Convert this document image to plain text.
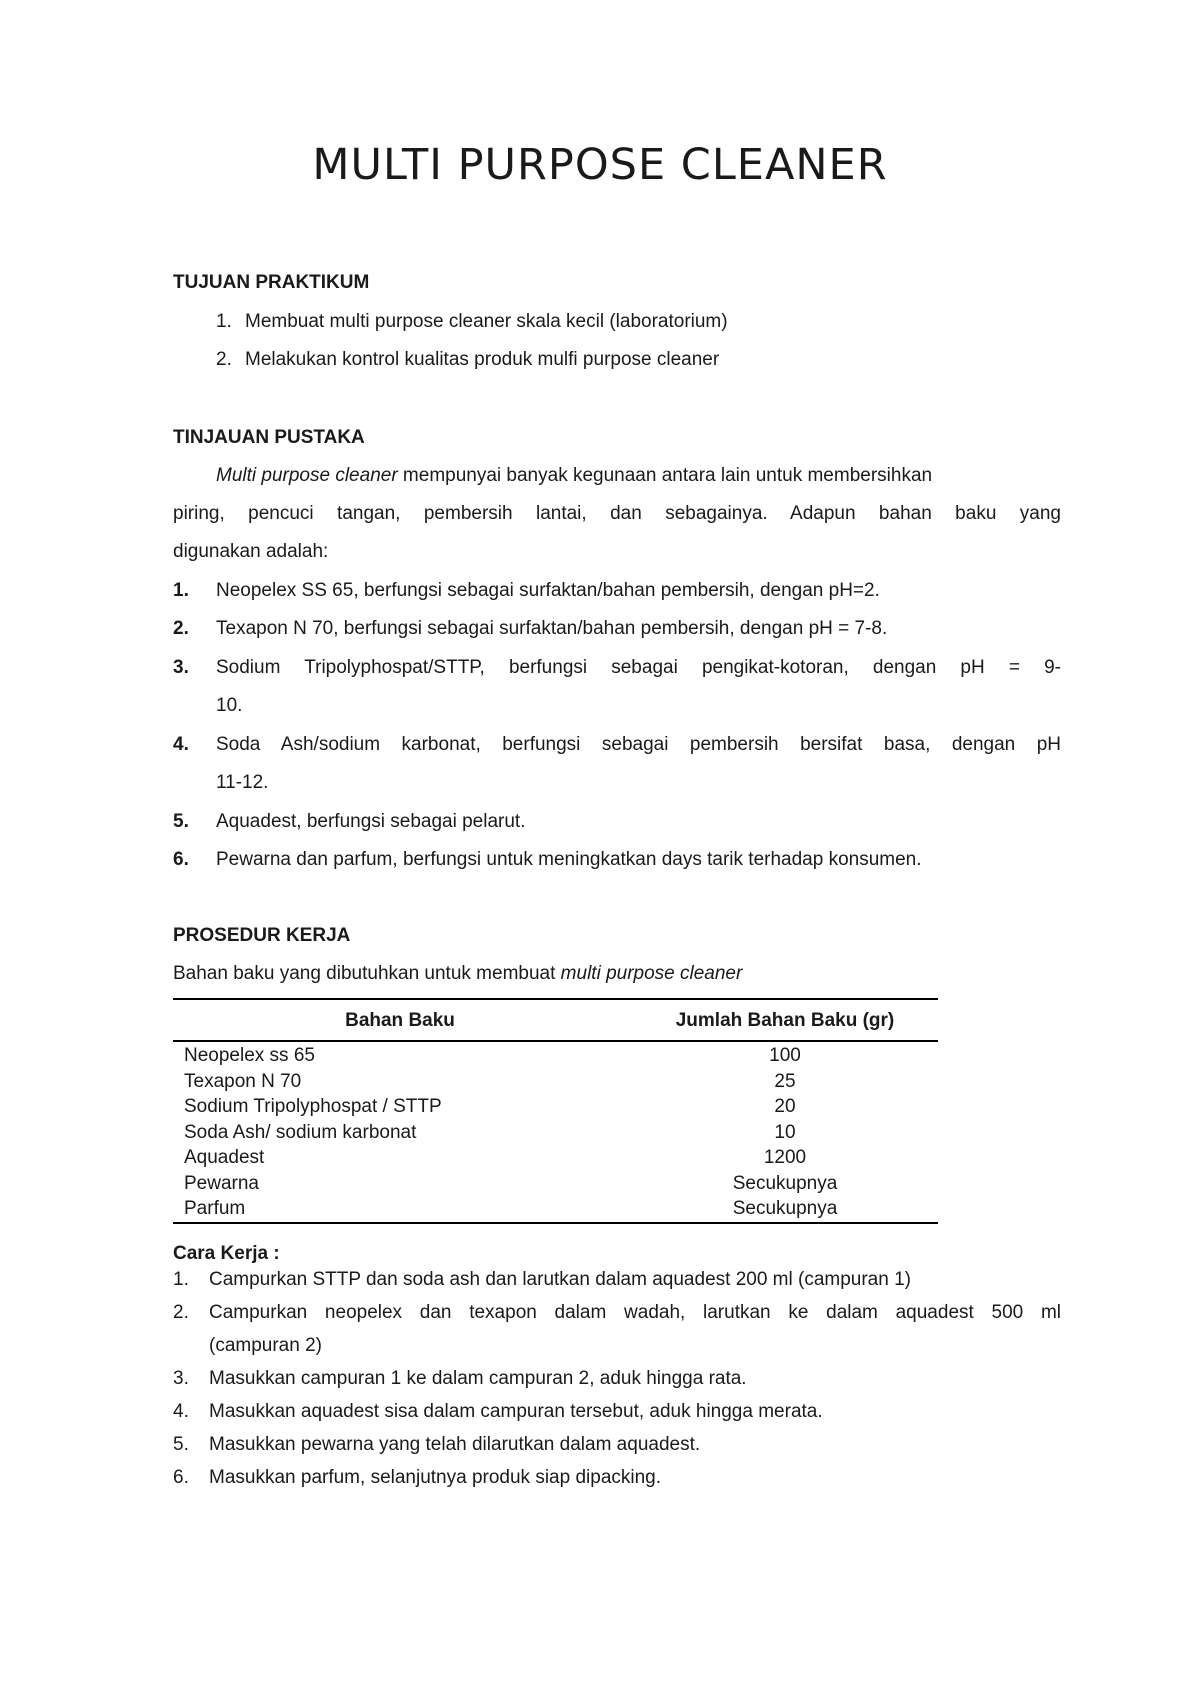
MULTI PURPOSE CLEANER
TUJUAN PRAKTIKUM
1. Membuat multi purpose cleaner skala kecil (laboratorium)
2. Melakukan kontrol kualitas produk mulfi purpose cleaner
TINJAUAN PUSTAKA
Multi purpose cleaner mempunyai banyak kegunaan antara lain untuk membersihkan
piring, pencuci tangan, pembersih lantai, dan sebagainya. Adapun bahan baku yang
digunakan adalah:
1. Neopelex SS 65, berfungsi sebagai surfaktan/bahan pembersih, dengan pH=2.
2. Texapon N 70, berfungsi sebagai surfaktan/bahan pembersih, dengan pH = 7-8.
3. Sodium Tripolyphospat/STTP, berfungsi sebagai pengikat-kotoran, dengan pH = 9-
10.
4. Soda Ash/sodium karbonat, berfungsi sebagai pembersih bersifat basa, dengan pH
11-12.
5. Aquadest, berfungsi sebagai pelarut.
6. Pewarna dan parfum, berfungsi untuk meningkatkan days tarik terhadap konsumen.
PROSEDUR KERJA
Bahan baku yang dibutuhkan untuk membuat multi purpose cleaner
Bahan Baku	Jumlah Bahan Baku (gr)
Neopelex ss 65	100
Texapon N 70	25
Sodium Tripolyphospat / STTP	20
Soda Ash/ sodium karbonat	10
Aquadest	1200
Pewarna	Secukupnya
Parfum	Secukupnya
Cara Kerja :
1. Campurkan STTP dan soda ash dan larutkan dalam aquadest 200 ml (campuran 1)
2. Campurkan neopelex dan texapon dalam wadah, larutkan ke dalam aquadest 500 ml
(campuran 2)
3. Masukkan campuran 1 ke dalam campuran 2, aduk hingga rata.
4. Masukkan aquadest sisa dalam campuran tersebut, aduk hingga merata.
5. Masukkan pewarna yang telah dilarutkan dalam aquadest.
6. Masukkan parfum, selanjutnya produk siap dipacking.
